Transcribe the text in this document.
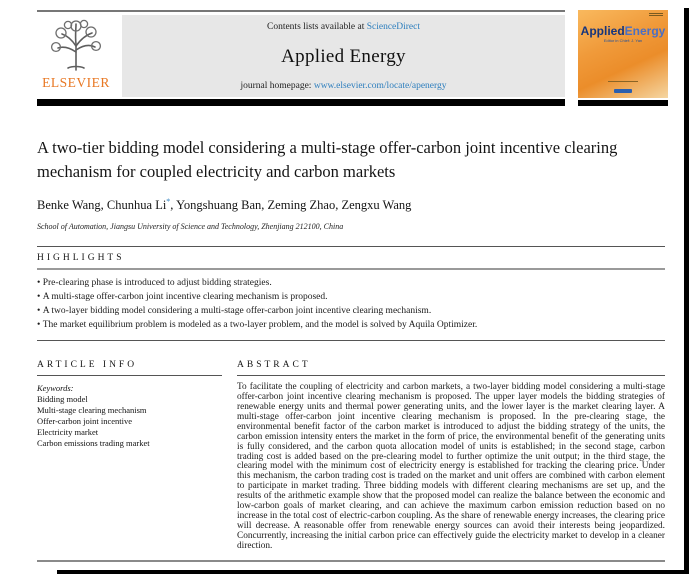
ELSEVIER
Contents lists available at ScienceDirect
Applied Energy
journal homepage: www.elsevier.com/locate/apenergy
AppliedEnergy
Editor in Chief: J. Yan
A two-tier bidding model considering a multi-stage offer-carbon joint incentive clearing mechanism for coupled electricity and carbon markets
Benke Wang, Chunhua Li*, Yongshuang Ban, Zeming Zhao, Zengxu Wang
School of Automation, Jiangsu University of Science and Technology, Zhenjiang 212100, China
HIGHLIGHTS
• Pre-clearing phase is introduced to adjust bidding strategies.
• A multi-stage offer-carbon joint incentive clearing mechanism is proposed.
• A two-layer bidding model considering a multi-stage offer-carbon joint incentive clearing mechanism.
• The market equilibrium problem is modeled as a two-layer problem, and the model is solved by Aquila Optimizer.
ARTICLE INFO
Keywords:
Bidding model
Multi-stage clearing mechanism
Offer-carbon joint incentive
Electricity market
Carbon emissions trading market
ABSTRACT
To facilitate the coupling of electricity and carbon markets, a two-layer bidding model considering a multi-stage offer-carbon joint incentive clearing mechanism is proposed. The upper layer models the bidding strategies of renewable energy units and thermal power generating units, and the lower layer is the market clearing layer. A multi-stage offer-carbon joint incentive clearing mechanism is proposed. In the pre-clearing stage, the environmental benefit factor of the carbon market is introduced to adjust the bidding strategy of the units, the carbon emission intensity enters the market in the form of price, the environmental benefit of the generating units is fully considered, and the carbon quota allocation model of units is established; in the second stage, carbon trading cost is added based on the pre-clearing model to further optimize the unit output; in the third stage, the clearing model with the minimum cost of electricity energy is established for tracking the clearing price. Under this mechanism, the carbon trading cost is traded on the market and unit offers are combined with carbon element to participate in market trading. Three bidding models with different clearing mechanisms are set up, and the results of the arithmetic example show that the proposed model can realize the balance between the economic and low-carbon goals of market clearing, and can achieve the maximum carbon emission reduction based on no increase in the total cost of electric-carbon coupling. As the share of renewable energy increases, the clearing price will decrease. A reasonable offer from renewable energy sources can avoid their interests being jeopardized. Concurrently, increasing the initial carbon price can effectively guide the electricity market to develop in a cleaner direction.
